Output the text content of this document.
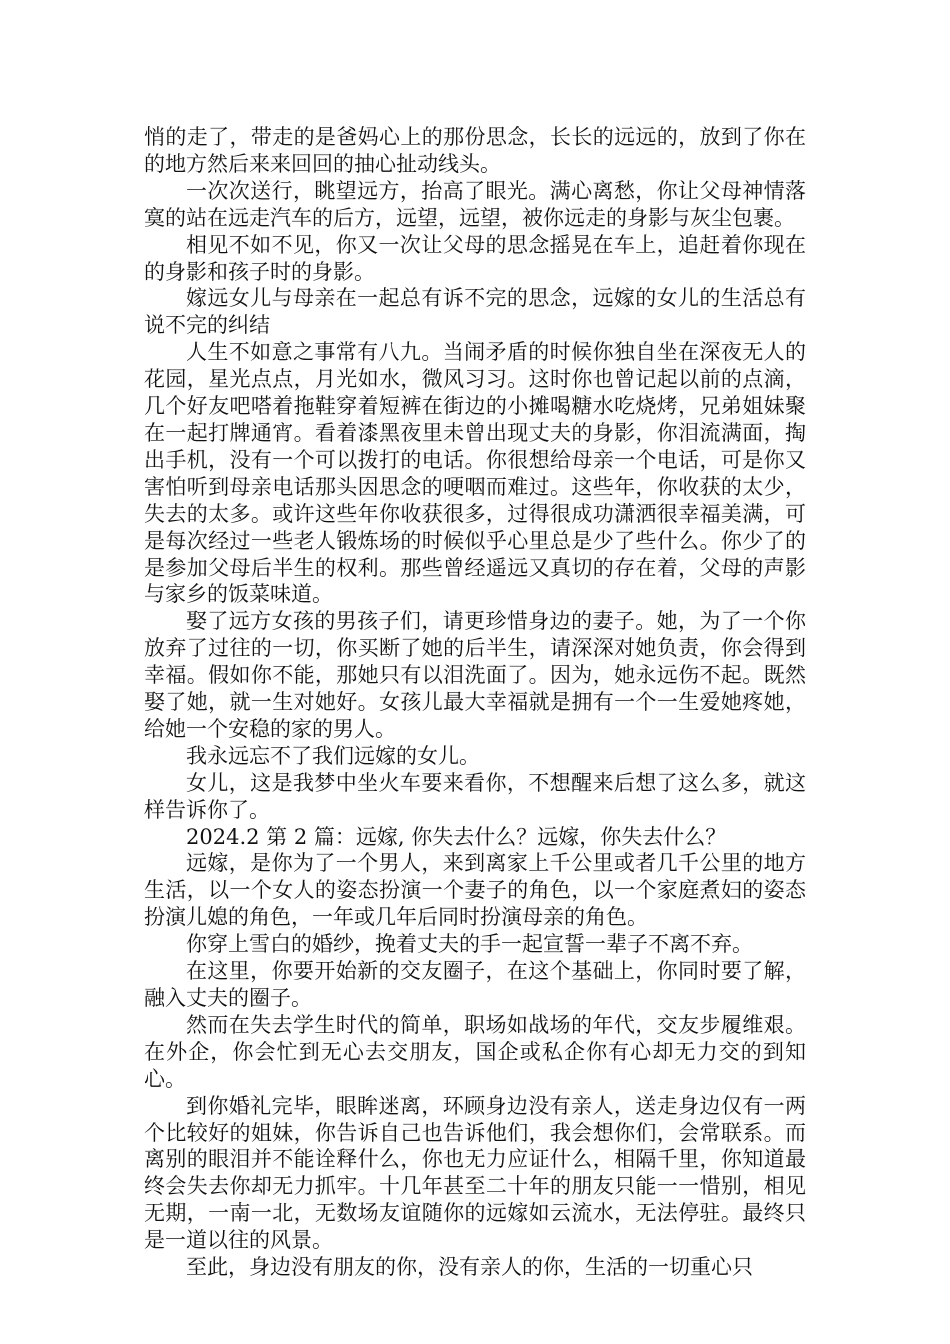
悄的走了，带走的是爸妈心上的那份思念，长长的远远的，放到了你在的地方然后来来回回的抽心扯动线头。

一次次送行，眺望远方，抬高了眼光。满心离愁，你让父母神情落寞的站在远走汽车的后方，远望，远望，被你远走的身影与灰尘包裹。

相见不如不见，你又一次让父母的思念摇晃在车上，追赶着你现在的身影和孩子时的身影。

嫁远女儿与母亲在一起总有诉不完的思念，远嫁的女儿的生活总有说不完的纠结

人生不如意之事常有八九。当闹矛盾的时候你独自坐在深夜无人的花园，星光点点，月光如水，微风习习。这时你也曾记起以前的点滴，几个好友吧嗒着拖鞋穿着短裤在街边的小摊喝糖水吃烧烤，兄弟姐妹聚在一起打牌通宵。看着漆黑夜里未曾出现丈夫的身影，你泪流满面，掏出手机，没有一个可以拨打的电话。你很想给母亲一个电话，可是你又害怕听到母亲电话那头因思念的哽咽而难过。这些年，你收获的太少，失去的太多。或许这些年你收获很多，过得很成功潇洒很幸福美满，可是每次经过一些老人锻炼场的时候似乎心里总是少了些什么。你少了的是参加父母后半生的权利。那些曾经遥远又真切的存在着，父母的声影与家乡的饭菜味道。

娶了远方女孩的男孩子们，请更珍惜身边的妻子。她，为了一个你放弃了过往的一切，你买断了她的后半生，请深深对她负责，你会得到幸福。假如你不能，那她只有以泪洗面了。因为，她永远伤不起。既然娶了她，就一生对她好。女孩儿最大幸福就是拥有一个一生爱她疼她，给她一个安稳的家的男人。

我永远忘不了我们远嫁的女儿。

女儿，这是我梦中坐火车要来看你，不想醒来后想了这么多，就这样告诉你了。

2024.2 第 2 篇：远嫁, 你失去什么？远嫁，你失去什么？

远嫁，是你为了一个男人，来到离家上千公里或者几千公里的地方生活，以一个女人的姿态扮演一个妻子的角色，以一个家庭煮妇的姿态扮演儿媳的角色，一年或几年后同时扮演母亲的角色。

你穿上雪白的婚纱，挽着丈夫的手一起宣誓一辈子不离不弃。

在这里，你要开始新的交友圈子，在这个基础上，你同时要了解，融入丈夫的圈子。

然而在失去学生时代的简单，职场如战场的年代，交友步履维艰。在外企，你会忙到无心去交朋友，国企或私企你有心却无力交的到知心。

到你婚礼完毕，眼眸迷离，环顾身边没有亲人，送走身边仅有一两个比较好的姐妹，你告诉自己也告诉他们，我会想你们，会常联系。而离别的眼泪并不能诠释什么，你也无力应证什么，相隔千里，你知道最终会失去你却无力抓牢。十几年甚至二十年的朋友只能一一惜别，相见无期，一南一北，无数场友谊随你的远嫁如云流水，无法停驻。最终只是一道以往的风景。

至此，身边没有朋友的你，没有亲人的你，生活的一切重心只
